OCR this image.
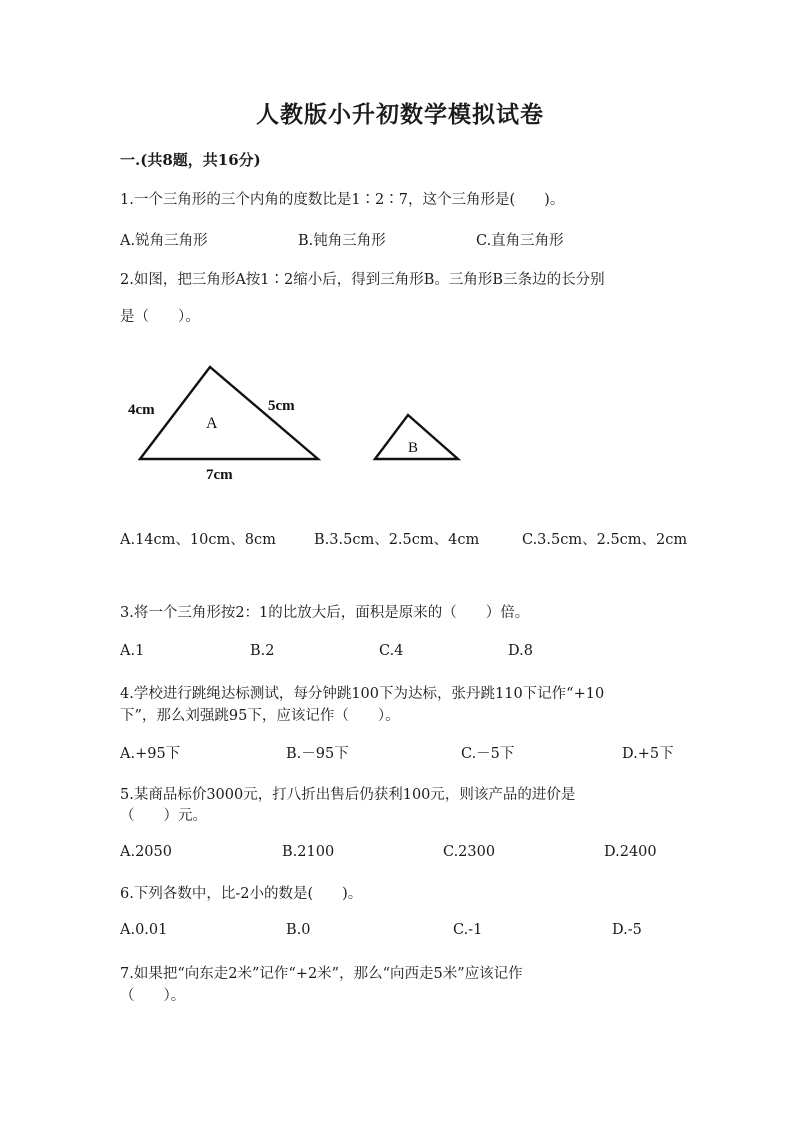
人教版小升初数学模拟试卷
一.(共8题，共16分)
1.一个三角形的三个内角的度数比是1∶2∶7，这个三角形是(　　)。
A.锐角三角形	B.钝角三角形	C.直角三角形
2.如图，把三角形A按1∶2缩小后，得到三角形B。三角形B三条边的长分别
是（　　）。
A
4cm	5cm
7cm
B
A.14cm、10cm、8cm	B.3.5cm、2.5cm、4cm	C.3.5cm、2.5cm、2cm
3.将一个三角形按2：1的比放大后，面积是原来的（　　）倍。
A.1	B.2	C.4	D.8
4.学校进行跳绳达标测试，每分钟跳100下为达标，张丹跳110下记作“+10
下”，那么刘强跳95下，应该记作（　　）。
A.+95下	B.－95下	C.－5下	D.+5下
5.某商品标价3000元，打八折出售后仍获利100元，则该产品的进价是
（　　）元。
A.2050	B.2100	C.2300	D.2400
6.下列各数中，比-2小的数是(　　)。
A.0.01	B.0	C.-1	D.-5
7.如果把“向东走2米”记作“+2米”，那么“向西走5米”应该记作
（　　）。
